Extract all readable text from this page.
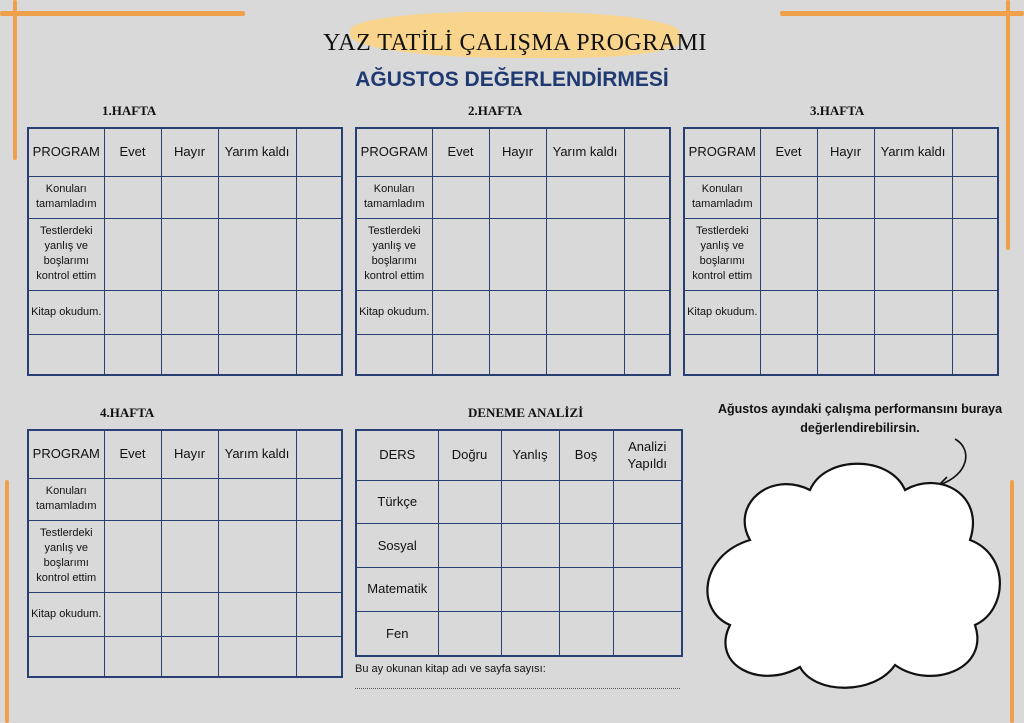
YAZ TATİLİ ÇALIŞMA PROGRAMI
AĞUSTOS DEĞERLENDİRMESİ
1.HAFTA	2.HAFTA	3.HAFTA
4.HAFTA	DENEME ANALİZİ
PROGRAM	Evet	Hayır	Yarım kaldı	
Konuları tamamladım				
Testlerdeki yanlış ve boşlarımı kontrol ettim				
Kitap okudum.				

PROGRAM	Evet	Hayır	Yarım kaldı	
Konuları tamamladım				
Testlerdeki yanlış ve boşlarımı kontrol ettim				
Kitap okudum.				

PROGRAM	Evet	Hayır	Yarım kaldı	
Konuları tamamladım				
Testlerdeki yanlış ve boşlarımı kontrol ettim				
Kitap okudum.				

PROGRAM	Evet	Hayır	Yarım kaldı	
Konuları tamamladım				
Testlerdeki yanlış ve boşlarımı kontrol ettim				
Kitap okudum.				

DERS	Doğru	Yanlış	Boş	Analizi Yapıldı
Türkçe				
Sosyal				
Matematik				
Fen				
Bu ay okunan kitap adı ve sayfa sayısı:
Ağustos ayındaki çalışma performansını buraya değerlendirebilirsin.
